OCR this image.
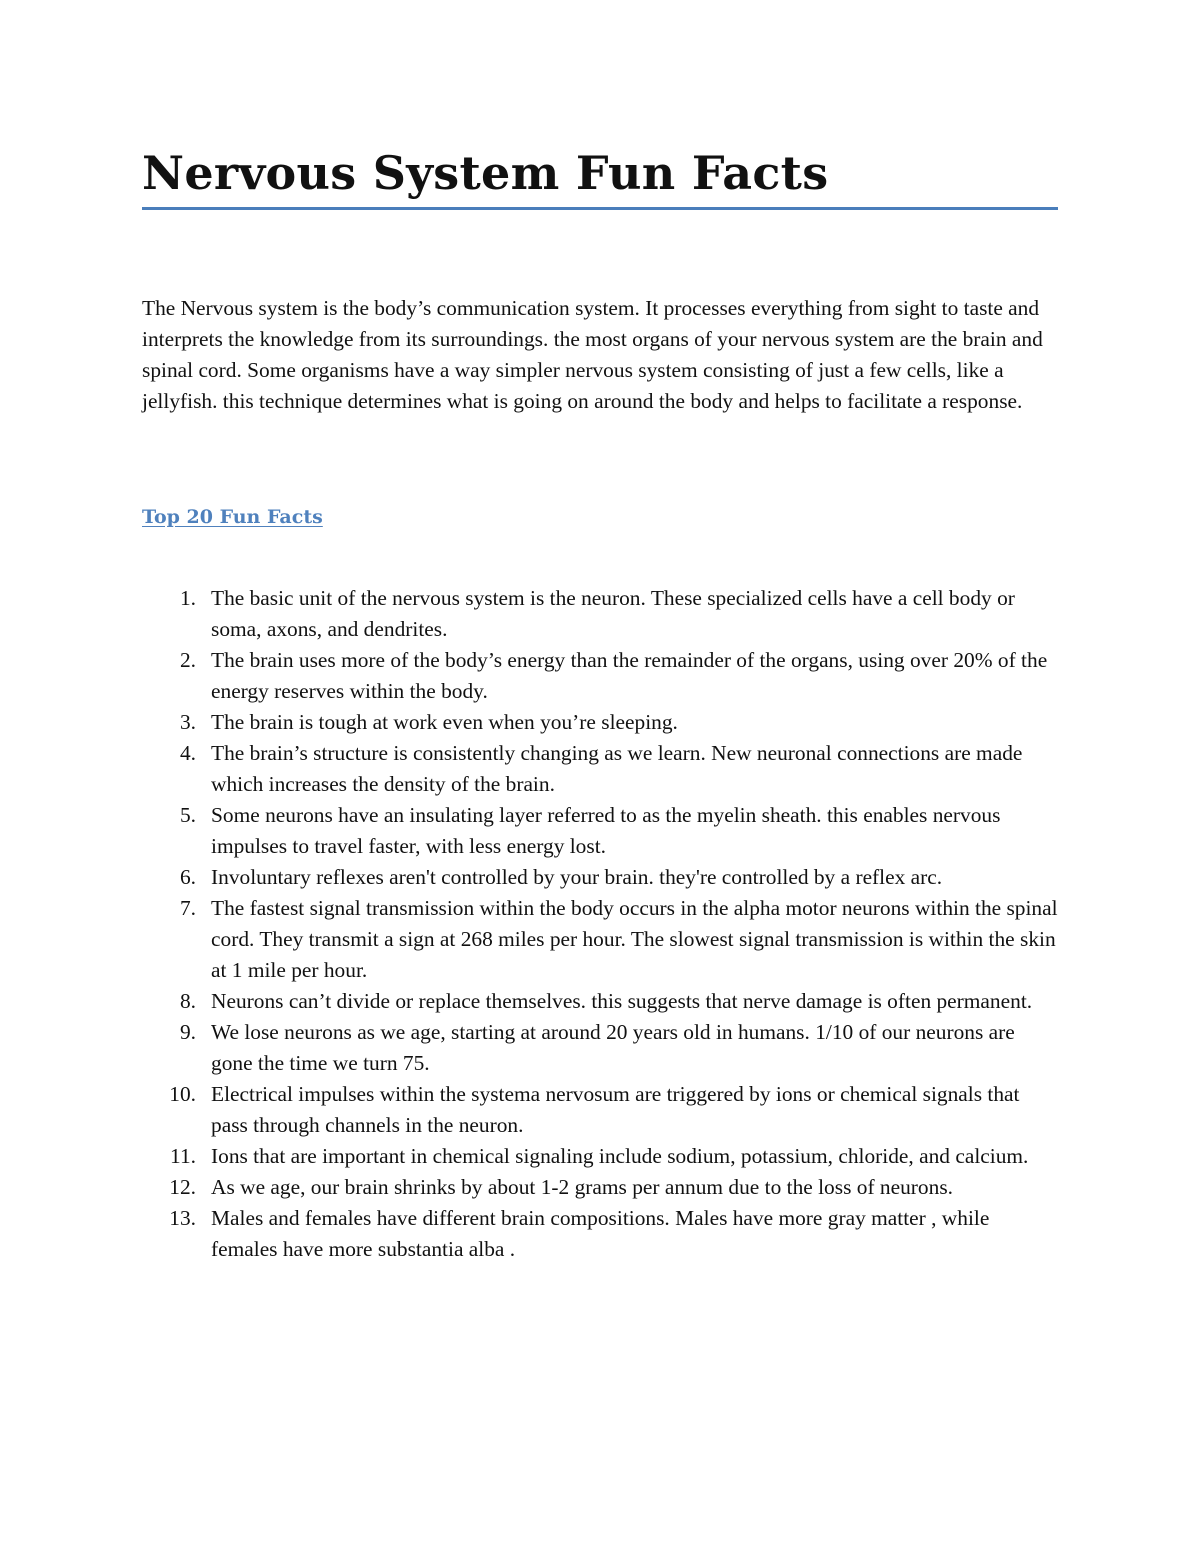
Nervous System Fun Facts

The Nervous system is the body’s communication system. It processes everything from sight to taste and interprets the knowledge from its surroundings. the most organs of your nervous system are the brain and spinal cord. Some organisms have a way simpler nervous system consisting of just a few cells, like a jellyfish. this technique determines what is going on around the body and helps to facilitate a response.

Top 20 Fun Facts
1. The basic unit of the nervous system is the neuron. These specialized cells have a cell body or soma, axons, and dendrites.
2. The brain uses more of the body’s energy than the remainder of the organs, using over 20% of the energy reserves within the body.
3. The brain is tough at work even when you’re sleeping.
4. The brain’s structure is consistently changing as we learn. New neuronal connections are made which increases the density of the brain.
5. Some neurons have an insulating layer referred to as the myelin sheath. this enables nervous impulses to travel faster, with less energy lost.
6. Involuntary reflexes aren't controlled by your brain. they're controlled by a reflex arc.
7. The fastest signal transmission within the body occurs in the alpha motor neurons within the spinal cord. They transmit a sign at 268 miles per hour. The slowest signal transmission is within the skin at 1 mile per hour.
8. Neurons can’t divide or replace themselves. this suggests that nerve damage is often permanent.
9. We lose neurons as we age, starting at around 20 years old in humans. 1/10 of our neurons are gone the time we turn 75.
10. Electrical impulses within the systema nervosum are triggered by ions or chemical signals that pass through channels in the neuron.
11. Ions that are important in chemical signaling include sodium, potassium, chloride, and calcium.
12. As we age, our brain shrinks by about 1-2 grams per annum due to the loss of neurons.
13. Males and females have different brain compositions. Males have more gray matter , while females have more substantia alba .
